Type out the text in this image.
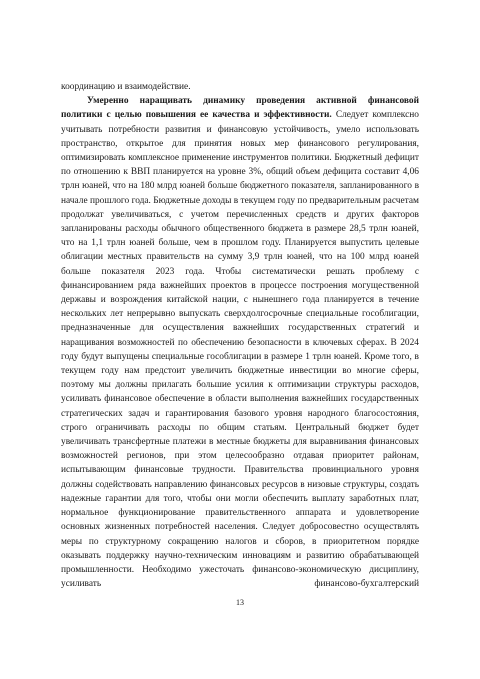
координацию и взаимодействие.

Умеренно наращивать динамику проведения активной финансовой политики с целью повышения ее качества и эффективности. Следует комплексно учитывать потребности развития и финансовую устойчивость, умело использовать пространство, открытое для принятия новых мер финансового регулирования, оптимизировать комплексное применение инструментов политики. Бюджетный дефицит по отношению к ВВП планируется на уровне 3%, общий объем дефицита составит 4,06 трлн юаней, что на 180 млрд юаней больше бюджетного показателя, запланированного в начале прошлого года. Бюджетные доходы в текущем году по предварительным расчетам продолжат увеличиваться, с учетом перечисленных средств и других факторов запланированы расходы обычного общественного бюджета в размере 28,5 трлн юаней, что на 1,1 трлн юаней больше, чем в прошлом году. Планируется выпустить целевые облигации местных правительств на сумму 3,9 трлн юаней, что на 100 млрд юаней больше показателя 2023 года. Чтобы систематически решать проблему с финансированием ряда важнейших проектов в процессе построения могущественной державы и возрождения китайской нации, с нынешнего года планируется в течение нескольких лет непрерывно выпускать сверхдолгосрочные специальные гособлигации, предназначенные для осуществления важнейших государственных стратегий и наращивания возможностей по обеспечению безопасности в ключевых сферах. В 2024 году будут выпущены специальные гособлигации в размере 1 трлн юаней. Кроме того, в текущем году нам предстоит увеличить бюджетные инвестиции во многие сферы, поэтому мы должны прилагать большие усилия к оптимизации структуры расходов, усиливать финансовое обеспечение в области выполнения важнейших государственных стратегических задач и гарантирования базового уровня народного благосостояния, строго ограничивать расходы по общим статьям. Центральный бюджет будет увеличивать трансфертные платежи в местные бюджеты для выравнивания финансовых возможностей регионов, при этом целесообразно отдавая приоритет районам, испытывающим финансовые трудности. Правительства провинциального уровня должны содействовать направлению финансовых ресурсов в низовые структуры, создать надежные гарантии для того, чтобы они могли обеспечить выплату заработных плат, нормальное функционирование правительственного аппарата и удовлетворение основных жизненных потребностей населения. Следует добросовестно осуществлять меры по структурному сокращению налогов и сборов, в приоритетном порядке оказывать поддержку научно-техническим инновациям и развитию обрабатывающей промышленности. Необходимо ужесточать финансово-экономическую дисциплину, усиливать финансово-бухгалтерский

13
